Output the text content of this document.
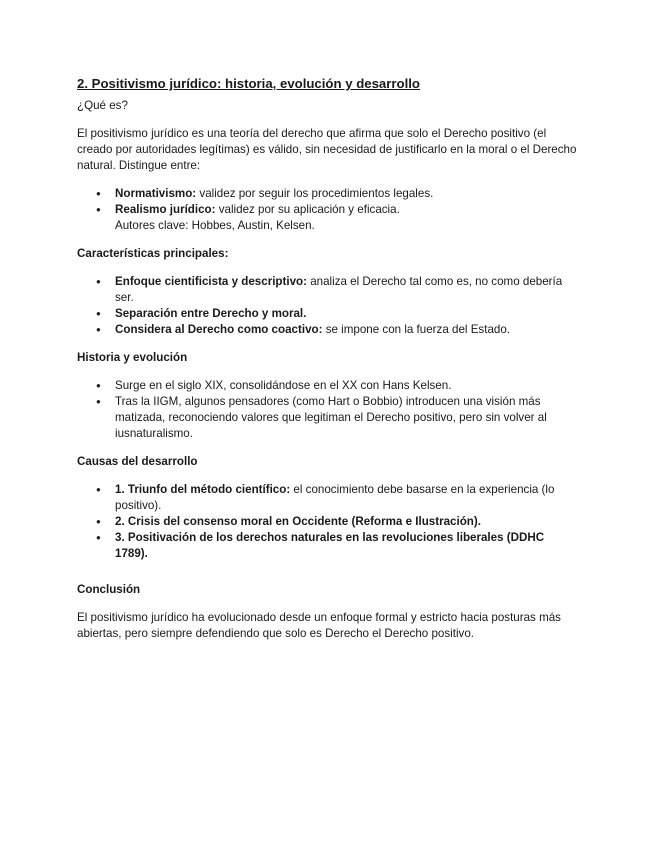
2. Positivismo jurídico: historia, evolución y desarrollo

¿Qué es?

El positivismo jurídico es una teoría del derecho que afirma que solo el Derecho positivo (el creado por autoridades legítimas) es válido, sin necesidad de justificarlo en la moral o el Derecho natural. Distingue entre:

● Normativismo: validez por seguir los procedimientos legales.
● Realismo jurídico: validez por su aplicación y eficacia.
Autores clave: Hobbes, Austin, Kelsen.

Características principales:

● Enfoque cientificista y descriptivo: analiza el Derecho tal como es, no como debería ser.
● Separación entre Derecho y moral.
● Considera al Derecho como coactivo: se impone con la fuerza del Estado.

Historia y evolución

● Surge en el siglo XIX, consolidándose en el XX con Hans Kelsen.
● Tras la IIGM, algunos pensadores (como Hart o Bobbio) introducen una visión más matizada, reconociendo valores que legitiman el Derecho positivo, pero sin volver al iusnaturalismo.

Causas del desarrollo

● 1. Triunfo del método científico: el conocimiento debe basarse en la experiencia (lo positivo).
● 2. Crisis del consenso moral en Occidente (Reforma e Ilustración).
● 3. Positivación de los derechos naturales en las revoluciones liberales (DDHC 1789).

Conclusión

El positivismo jurídico ha evolucionado desde un enfoque formal y estricto hacia posturas más abiertas, pero siempre defendiendo que solo es Derecho el Derecho positivo.
